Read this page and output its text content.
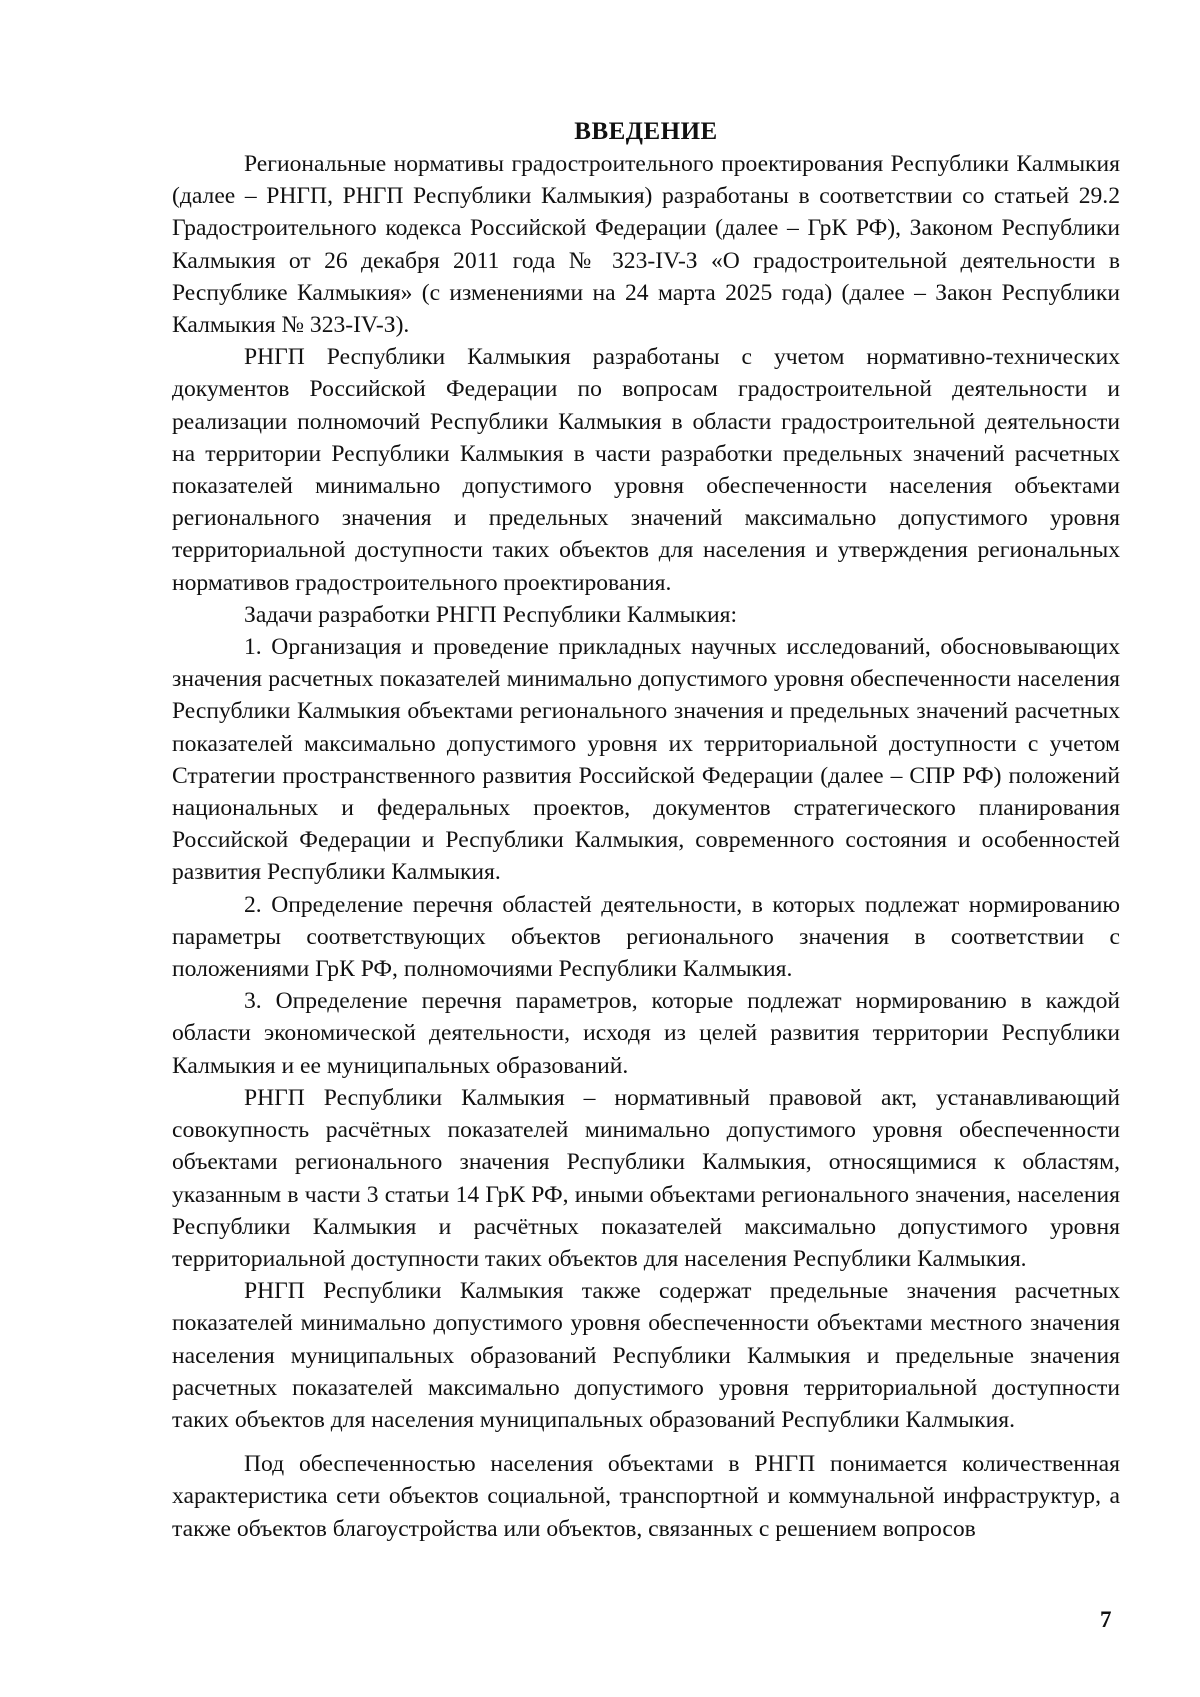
ВВЕДЕНИЕ

Региональные нормативы градостроительного проектирования Республики Калмыкия (далее – РНГП, РНГП Республики Калмыкия) разработаны в соответствии со статьей 29.2 Градостроительного кодекса Российской Федерации (далее – ГрК РФ), Законом Республики Калмыкия от 26 декабря 2011 года № 323-IV-З «О градостроительной деятельности в Республике Калмыкия» (с изменениями на 24 марта 2025 года) (далее – Закон Республики Калмыкия № 323-IV-З).

РНГП Республики Калмыкия разработаны с учетом нормативно-технических документов Российской Федерации по вопросам градостроительной деятельности и реализации полномочий Республики Калмыкия в области градостроительной деятельности на территории Республики Калмыкия в части разработки предельных значений расчетных показателей минимально допустимого уровня обеспеченности населения объектами регионального значения и предельных значений максимально допустимого уровня территориальной доступности таких объектов для населения и утверждения региональных нормативов градостроительного проектирования.

Задачи разработки РНГП Республики Калмыкия:

1. Организация и проведение прикладных научных исследований, обосновывающих значения расчетных показателей минимально допустимого уровня обеспеченности населения Республики Калмыкия объектами регионального значения и предельных значений расчетных показателей максимально допустимого уровня их территориальной доступности с учетом Стратегии пространственного развития Российской Федерации (далее – СПР РФ) положений национальных и федеральных проектов, документов стратегического планирования Российской Федерации и Республики Калмыкия, современного состояния и особенностей развития Республики Калмыкия.

2. Определение перечня областей деятельности, в которых подлежат нормированию параметры соответствующих объектов регионального значения в соответствии с положениями ГрК РФ, полномочиями Республики Калмыкия.

3. Определение перечня параметров, которые подлежат нормированию в каждой области экономической деятельности, исходя из целей развития территории Республики Калмыкия и ее муниципальных образований.

РНГП Республики Калмыкия – нормативный правовой акт, устанавливающий совокупность расчётных показателей минимально допустимого уровня обеспеченности объектами регионального значения Республики Калмыкия, относящимися к областям, указанным в части 3 статьи 14 ГрК РФ, иными объектами регионального значения, населения Республики Калмыкия и расчётных показателей максимально допустимого уровня территориальной доступности таких объектов для населения Республики Калмыкия.

РНГП Республики Калмыкия также содержат предельные значения расчетных показателей минимально допустимого уровня обеспеченности объектами местного значения населения муниципальных образований Республики Калмыкия и предельные значения расчетных показателей максимально допустимого уровня территориальной доступности таких объектов для населения муниципальных образований Республики Калмыкия.

Под обеспеченностью населения объектами в РНГП понимается количественная характеристика сети объектов социальной, транспортной и коммунальной инфраструктур, а также объектов благоустройства или объектов, связанных с решением вопросов

7
